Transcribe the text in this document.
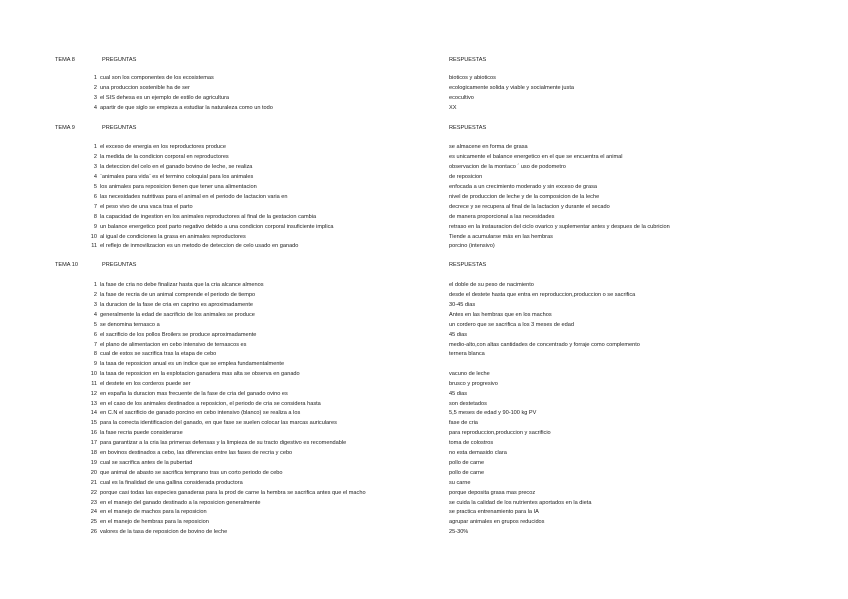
TEMA 8	PREGUNTAS	RESPUESTAS
1 cual son los componentes de los ecosistemas	bioticos y abioticos
2 una produccion sostenible ha de ser	ecologicamente solida y viable y socialmente justa
3 el SIS dehesa es un ejemplo de estilo de agricultura	ecocultivo
4 apartir de que siglo se empieza a estudiar la naturaleza como un todo	XX
TEMA 9	PREGUNTAS	RESPUESTAS
1 el exceso de energia en los reproductores produce	se almacene en forma de grasa
2 la medida de la condicion corporal en reproductores	es unicamente el balance energetico en el que se encuentra el animal
3 la deteccion del celo en el ganado bovino de leche, se realiza	observacion de la montaco ´ uso de podometro
4 ¨animales para vida¨ es el termino coloquial para los animales	de reposicion
5 los animales para reposicion tienen que tener una alimentacion	enfocada a un crecimiento moderado y sin exceso de grasa
6 las necesidades nutritivas para el animal en el periodo de lactacion varia en	nivel de produccion de leche y de la composicion de la leche
7 el peso vivo de una vaca tras el parto	decrece y se recupera al final de la lactacion y durante el secado
8 la capacidad de ingestion en los animales reproductores al final de la gestacion cambia	de manera proporcional a las necesidades
9 un balance energetico post parto negativo debido a una condicion corporal insuficiente implica	retraso en la instauracion del ciclo ovarico y suplementar antes y despues de la cubricion
10 al igual de condiciones la grasa en animales reproductores	Tiende a acumularse más en las hembras
11 el reflejo de inmovilizacion es un metodo de deteccion de celo usado en ganado	porcino (intensivo)
TEMA 10	PREGUNTAS	RESPUESTAS
1 la fase de cria no debe finalizar hasta que la cria alcance almenos	el doble de su peso de nacimiento
2 la fase de recria de un animal comprende el periodo de tiempo	desde el destete hasta que entra en reproduccion,produccion o se sacrifica
3 la duracion de la fase de cria en caprino es aproximadamente	30-45 dias
4 generalmente la edad de sacrificio de los animales se produce	Antes en las hembras que en los machos
5 se denomina ternasco a	un cordero que se sacrifica a los 3 meses de edad
6 el sacrificio de los pollos Broilers se produce aproximadamente	45 dias
7 el plano de alimentacion en cebo intensivo de ternascos es	medio-alto,con altas cantidades de concentrado y forraje como complemento
8 cual de estos se sacrifica tras la etapa de cebo	ternera blanca
9 la tasa de reposicion anual es un indice que se emplea fundamentalmente
10 la tasa de reposicion en la explotacion ganadera mas alta se observa en ganado	vacuno de leche
11 el destete en los corderos puede ser	brusco y progresivo
12 en españa la duracion mas frecuente de la fase de cria del ganado ovino es	45 dias
13 en el caso de los animales destinados a reposicion, el periodo de cria se considera hasta	son destetados
14 en C.N el sacrificio de ganado porcino en cebo intensivo (blanco) se realiza a los	5,5 meses de edad y 90-100 kg PV
15 para la correcta identificacion del ganado, en que fase se suelen colocar las marcas auriculares	fase de cria
16 la fase recria puede considerarse	para reproduccion,produccion y sacrificio
17 para garantizar a la cria las primeras defensas y la limpieza de su tracto digestivo es recomendable	toma de colostros
18 en bovinos destinados a cebo, las diferencias entre las fases de recria y cebo	no esta demasido clara
19 cual se sacrifica antes de la pubertad	pollo de carne
20 que animal de abasto se sacrifica temprano tras un corto periodo de cebo	pollo de carne
21 cual es la finalidad de una gallina considerada productora	su carne
22 porque casi todas las especies ganaderas para la prod de carne la hembra se sacrifica antes que el macho	porque deposita grasa mas precoz
23 en el manejo del ganado destinado a la reposicion generalmente	se cuida la calidad de los nutrientes aportados en la dieta
24 en el manejo de machos para la reposicion	se practica entrenamiento para la IA
25 en el manejo de hembras para la reposicion	agrupar animales en grupos reducidos
26 valores de la tasa de reposicion de bovino de leche	25-30%
